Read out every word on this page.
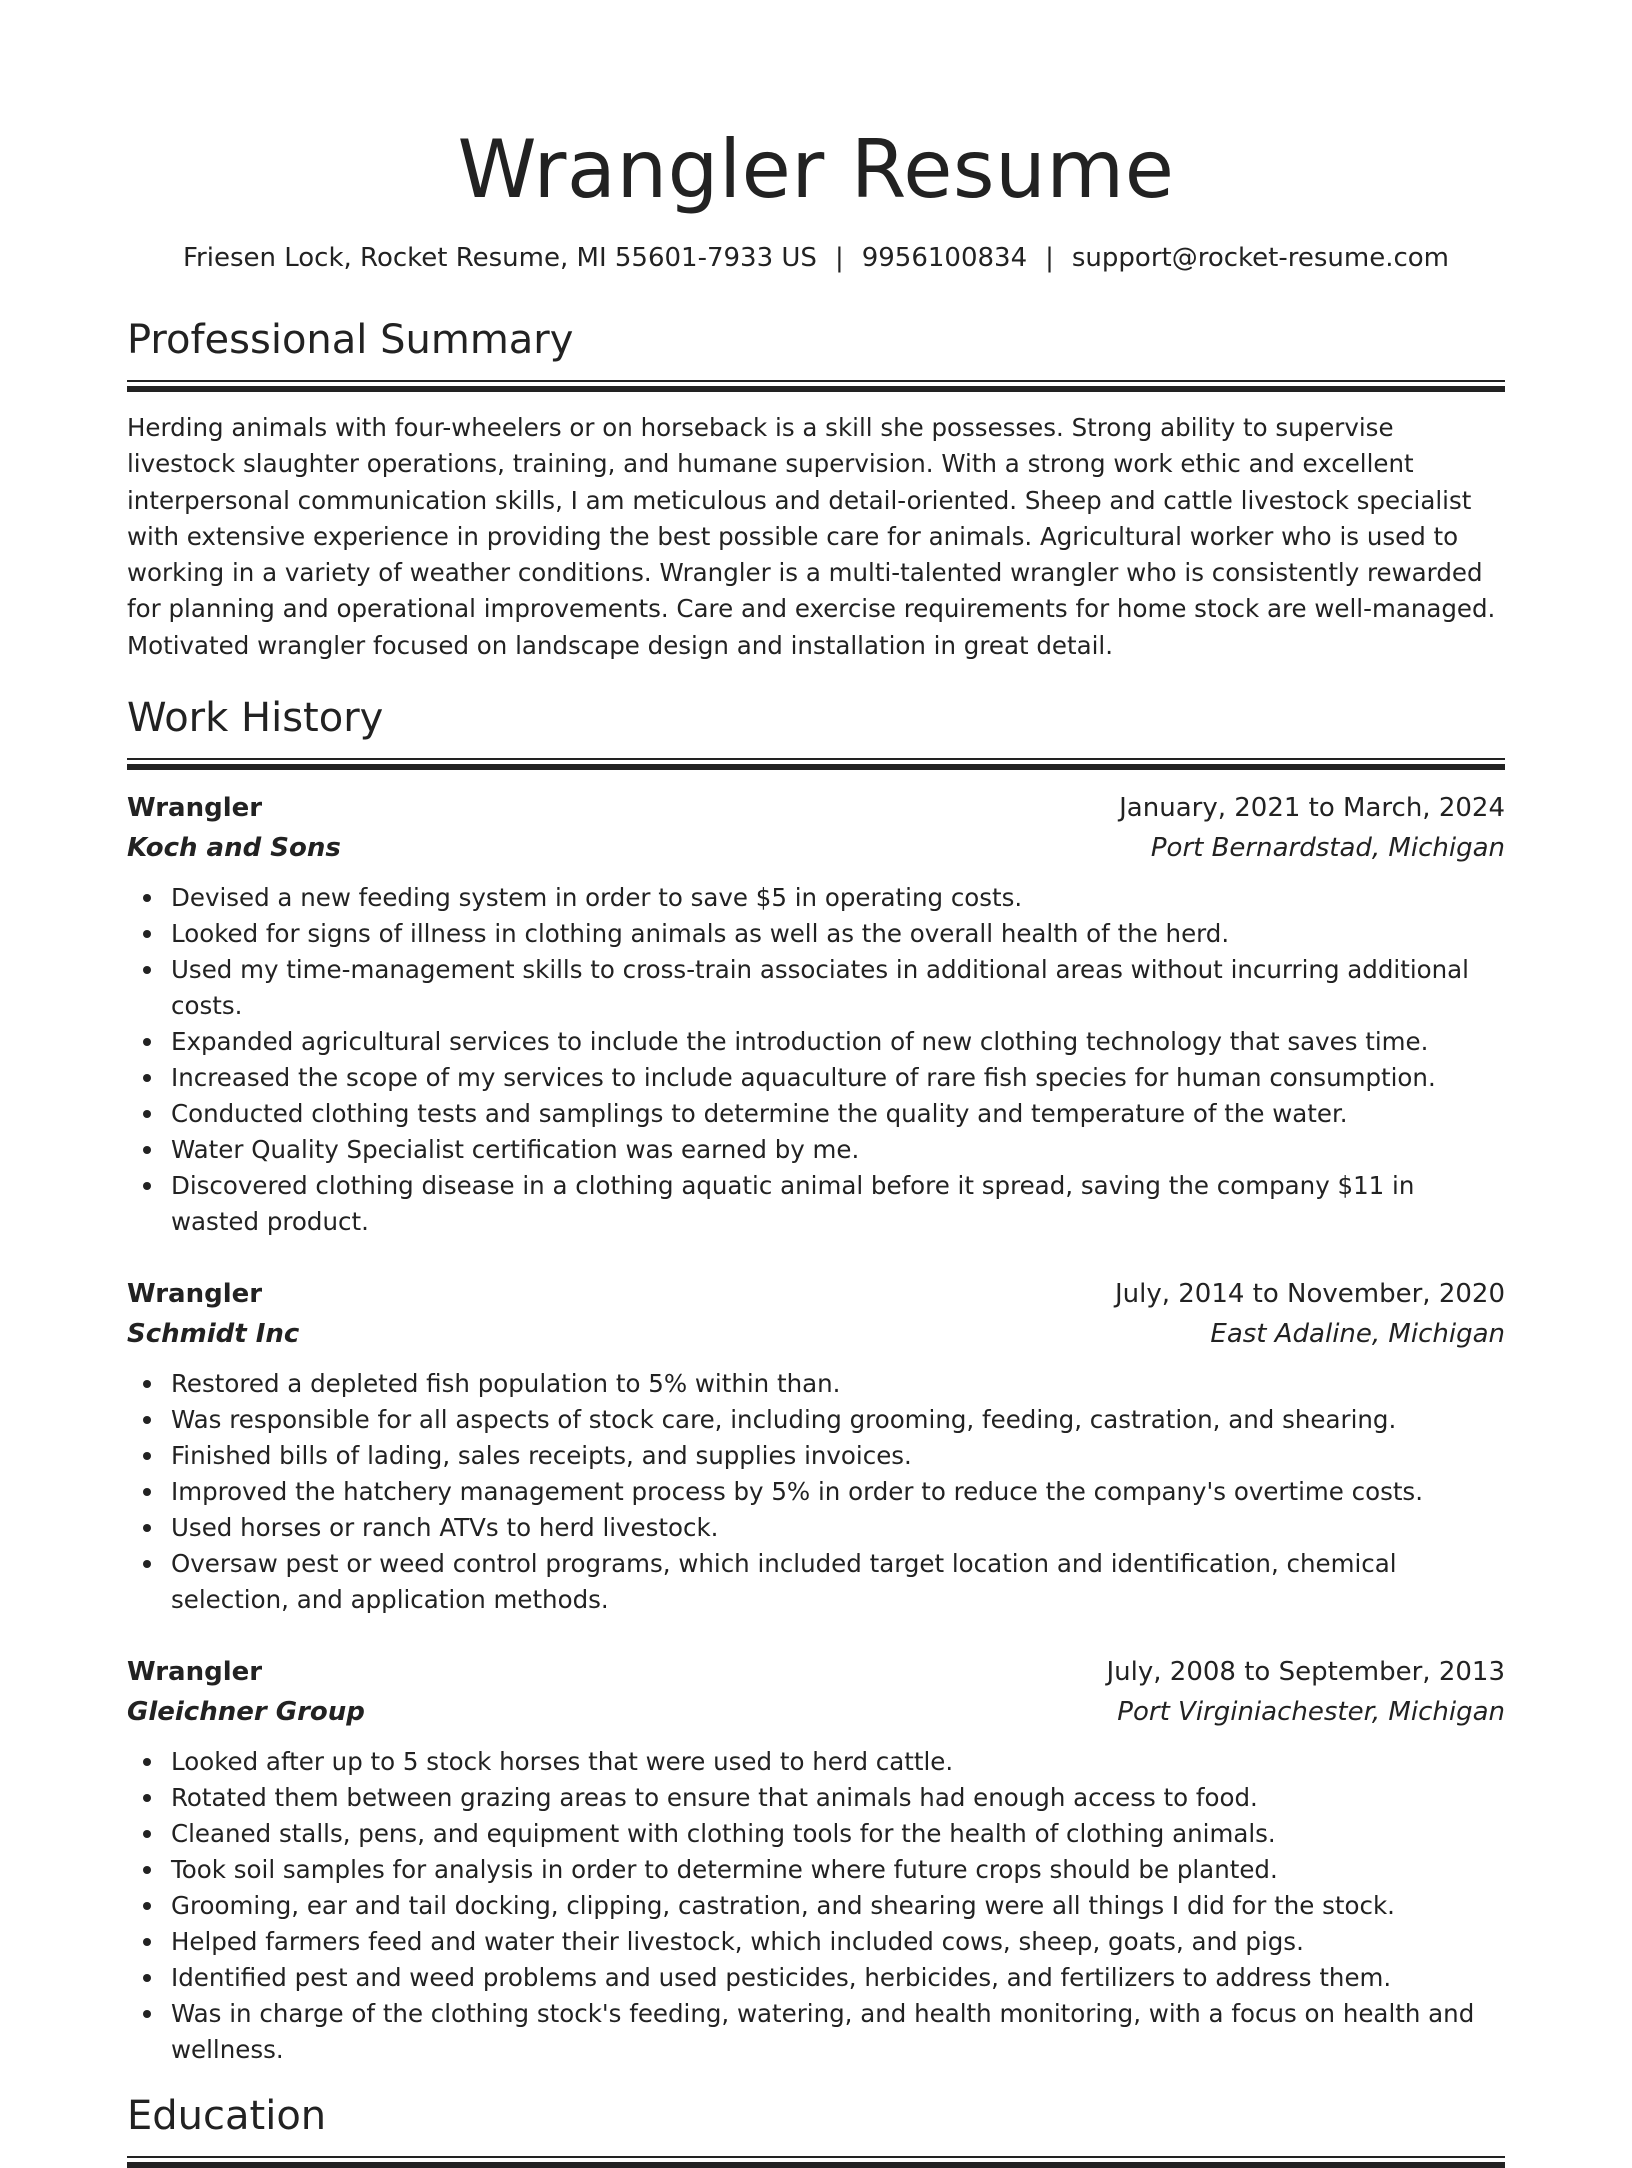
Wrangler Resume
Friesen Lock, Rocket Resume, MI 55601-7933 US | 9956100834 | support@rocket-resume.com
Professional Summary

Herding animals with four-wheelers or on horseback is a skill she possesses. Strong ability to supervise livestock slaughter operations, training, and humane supervision. With a strong work ethic and excellent interpersonal communication skills, I am meticulous and detail-oriented. Sheep and cattle livestock specialist with extensive experience in providing the best possible care for animals. Agricultural worker who is used to working in a variety of weather conditions. Wrangler is a multi-talented wrangler who is consistently rewarded for planning and operational improvements. Care and exercise requirements for home stock are well-managed. Motivated wrangler focused on landscape design and installation in great detail.

Work History
Wrangler	January, 2021 to March, 2024
Koch and Sons	Port Bernardstad, Michigan
Devised a new feeding system in order to save $5 in operating costs.
Looked for signs of illness in clothing animals as well as the overall health of the herd.
Used my time-management skills to cross-train associates in additional areas without incurring additional costs.
Expanded agricultural services to include the introduction of new clothing technology that saves time.
Increased the scope of my services to include aquaculture of rare fish species for human consumption.
Conducted clothing tests and samplings to determine the quality and temperature of the water.
Water Quality Specialist certification was earned by me.
Discovered clothing disease in a clothing aquatic animal before it spread, saving the company $11 in wasted product.
Wrangler	July, 2014 to November, 2020
Schmidt Inc	East Adaline, Michigan
Restored a depleted fish population to 5% within than.
Was responsible for all aspects of stock care, including grooming, feeding, castration, and shearing.
Finished bills of lading, sales receipts, and supplies invoices.
Improved the hatchery management process by 5% in order to reduce the company's overtime costs.
Used horses or ranch ATVs to herd livestock.
Oversaw pest or weed control programs, which included target location and identification, chemical selection, and application methods.
Wrangler	July, 2008 to September, 2013
Gleichner Group	Port Virginiachester, Michigan
Looked after up to 5 stock horses that were used to herd cattle.
Rotated them between grazing areas to ensure that animals had enough access to food.
Cleaned stalls, pens, and equipment with clothing tools for the health of clothing animals.
Took soil samples for analysis in order to determine where future crops should be planted.
Grooming, ear and tail docking, clipping, castration, and shearing were all things I did for the stock.
Helped farmers feed and water their livestock, which included cows, sheep, goats, and pigs.
Identified pest and weed problems and used pesticides, herbicides, and fertilizers to address them.
Was in charge of the clothing stock's feeding, watering, and health monitoring, with a focus on health and wellness.
Education
